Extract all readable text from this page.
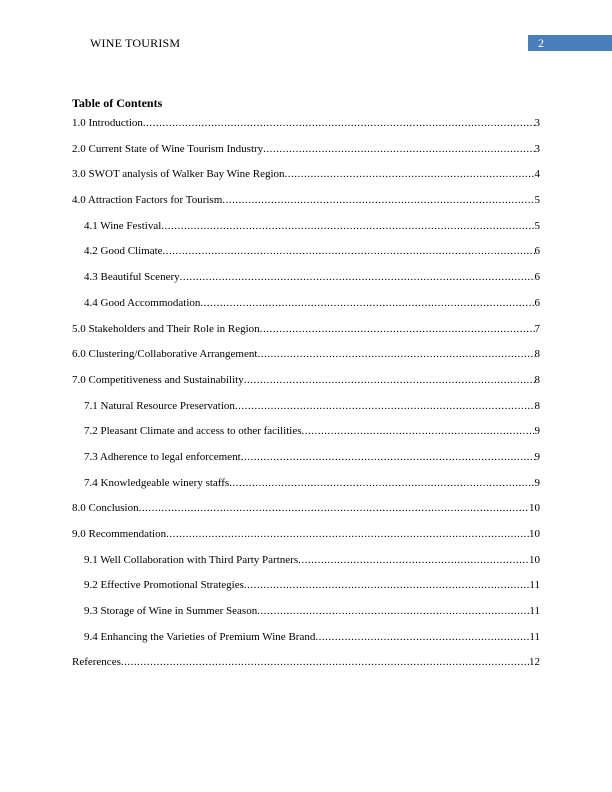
WINE TOURISM	2
Table of Contents
1.0 Introduction .....	3
2.0 Current State of Wine Tourism Industry .....	3
3.0 SWOT analysis of Walker Bay Wine Region .....	4
4.0 Attraction Factors for Tourism .....	5
4.1 Wine Festival .....	5
4.2 Good Climate .....	6
4.3 Beautiful Scenery .....	6
4.4 Good Accommodation .....	6
5.0 Stakeholders and Their Role in Region .....	7
6.0 Clustering/Collaborative Arrangement .....	8
7.0 Competitiveness and Sustainability .....	8
7.1 Natural Resource Preservation .....	8
7.2 Pleasant Climate and access to other facilities .....	9
7.3 Adherence to legal enforcement .....	9
7.4 Knowledgeable winery staffs .....	9
8.0 Conclusion .....	10
9.0 Recommendation .....	10
9.1 Well Collaboration with Third Party Partners .....	10
9.2 Effective Promotional Strategies .....	11
9.3 Storage of Wine in Summer Season .....	11
9.4 Enhancing the Varieties of Premium Wine Brand .....	11
References .....	12
